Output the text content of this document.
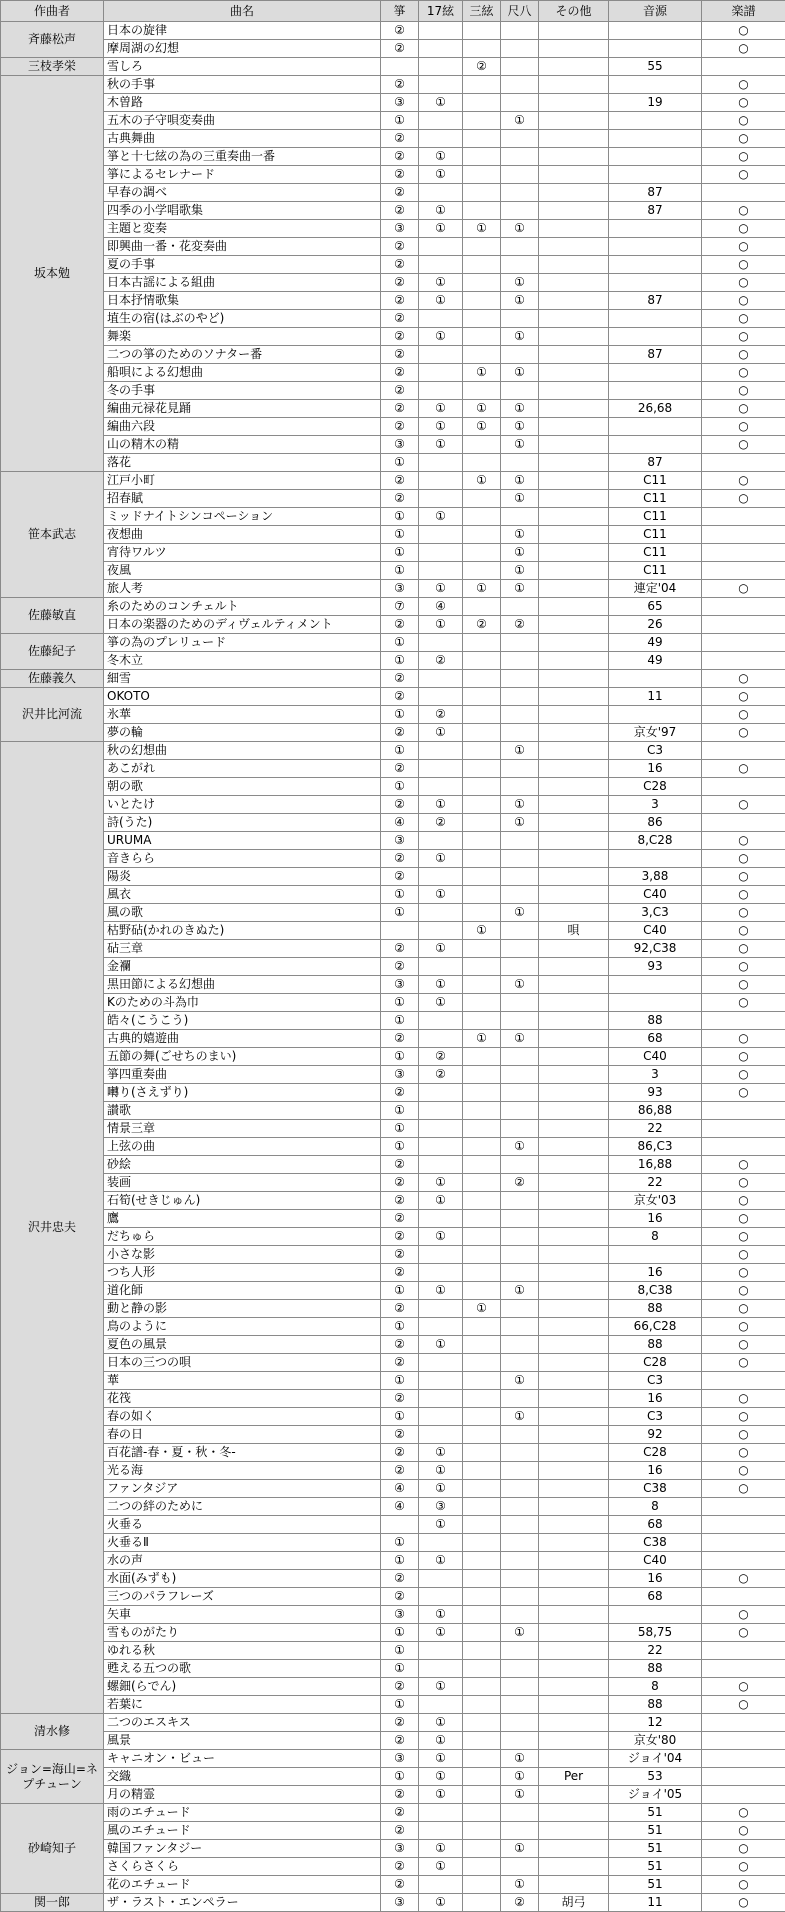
作曲者	曲名	箏	17絃	三絃	尺八	その他	音源	楽譜
斉藤松声	日本の旋律	②						○
	摩周湖の幻想	②						○
三枝孝栄	雪しろ			②			55	
坂本勉	秋の手事	②						○
	木曽路	③	①				19	○
	五木の子守唄変奏曲	①			①			○
	古典舞曲	②						○
	箏と十七絃の為の三重奏曲一番	②	①					○
	箏によるセレナード	②	①					○
	早春の調べ	②					87	
	四季の小学唱歌集	②	①				87	○
	主題と変奏	③	①	①	①			○
	即興曲一番・花変奏曲	②						○
	夏の手事	②						○
	日本古謡による組曲	②	①		①			○
	日本抒情歌集	②	①		①		87	○
	埴生の宿(はぶのやど)	②						○
	舞楽	②	①		①			○
	二つの箏のためのソナター番	②					87	○
	船唄による幻想曲	②		①	①			○
	冬の手事	②						○
	編曲元禄花見踊	②	①	①	①		26,68	○
	編曲六段	②	①	①	①			○
	山の精木の精	③	①		①			○
	落花	①					87	
笹本武志	江戸小町	②		①	①		C11	○
	招春賦	②			①		C11	○
	ミッドナイトシンコペーション	①	①				C11	
	夜想曲	①			①		C11	
	宵待ワルツ	①			①		C11	
	夜風	①			①		C11	
	旅人考	③	①	①	①		連定'04	○
佐藤敏直	糸のためのコンチェルト	⑦	④				65	
	日本の楽器のためのディヴェルティメント	②	①	②	②		26	
佐藤紀子	箏の為のプレリュード	①					49	
	冬木立	①	②				49	
佐藤義久	細雪	②						○
沢井比河流	OKOTO	②					11	○
	氷華	①	②					○
	夢の輪	②	①				京女'97	○
沢井忠夫	秋の幻想曲	①			①		C3	
	あこがれ	②					16	○
	朝の歌	①					C28	
	いとたけ	②	①		①		3	○
	詩(うた)	④	②		①		86	
	URUMA	③					8,C28	○
	音きらら	②	①					○
	陽炎	②					3,88	○
	風衣	①	①				C40	○
	風の歌	①			①		3,C3	○
	枯野砧(かれのきぬた)			①		唄	C40	○
	砧三章	②	①				92,C38	○
	金襴	②					93	○
	黒田節による幻想曲	③	①		①			○
	Kのための斗為巾	①	①					○
	皓々(こうこう)	①					88	
	古典的嬉遊曲	②		①	①		68	○
	五節の舞(ごせちのまい)	①	②				C40	○
	箏四重奏曲	③	②				3	○
	囀り(さえずり)	②					93	○
	讃歌	①					86,88	
	情景三章	①					22	
	上弦の曲	①			①		86,C3	
	砂絵	②					16,88	○
	装画	②	①		②		22	○
	石筍(せきじゅん)	②	①				京女'03	○
	鷹	②					16	○
	だちゅら	②	①				8	○
	小さな影	②						○
	つち人形	②					16	○
	道化師	①	①		①		8,C38	○
	動と静の影	②		①			88	○
	鳥のように	①					66,C28	○
	夏色の風景	②	①				88	○
	日本の三つの唄	②					C28	○
	華	①			①		C3	
	花筏	②					16	○
	春の如く	①			①		C3	○
	春の日	②					92	○
	百花譜-春・夏・秋・冬-	②	①				C28	○
	光る海	②	①				16	○
	ファンタジア	④	①				C38	○
	二つの絆のために	④	③				8	
	火垂る		①				68	
	火垂るⅡ	①					C38	
	水の声	①	①				C40	
	水面(みずも)	②					16	○
	三つのパラフレーズ	②					68	
	矢車	③	①					○
	雪ものがたり	①	①		①		58,75	○
	ゆれる秋	①					22	
	甦える五つの歌	①					88	
	螺鈿(らでん)	②	①				8	○
	若葉に	①					88	○
清水修	二つのエスキス	②	①				12	
	風景	②	①				京女'80	
ジョン=海山=ネプチューン	キャニオン・ビュー	③	①		①		ジョイ'04	
	交織	①	①		①	Per	53	
	月の精霊	②	①		①		ジョイ'05	
砂崎知子	雨のエチュード	②					51	○
	風のエチュード	②					51	○
	韓国ファンタジー	③	①		①		51	○
	さくらさくら	②	①				51	○
	花のエチュード	②			①		51	○
関一郎	ザ・ラスト・エンペラー	③	①		②	胡弓	11	○
